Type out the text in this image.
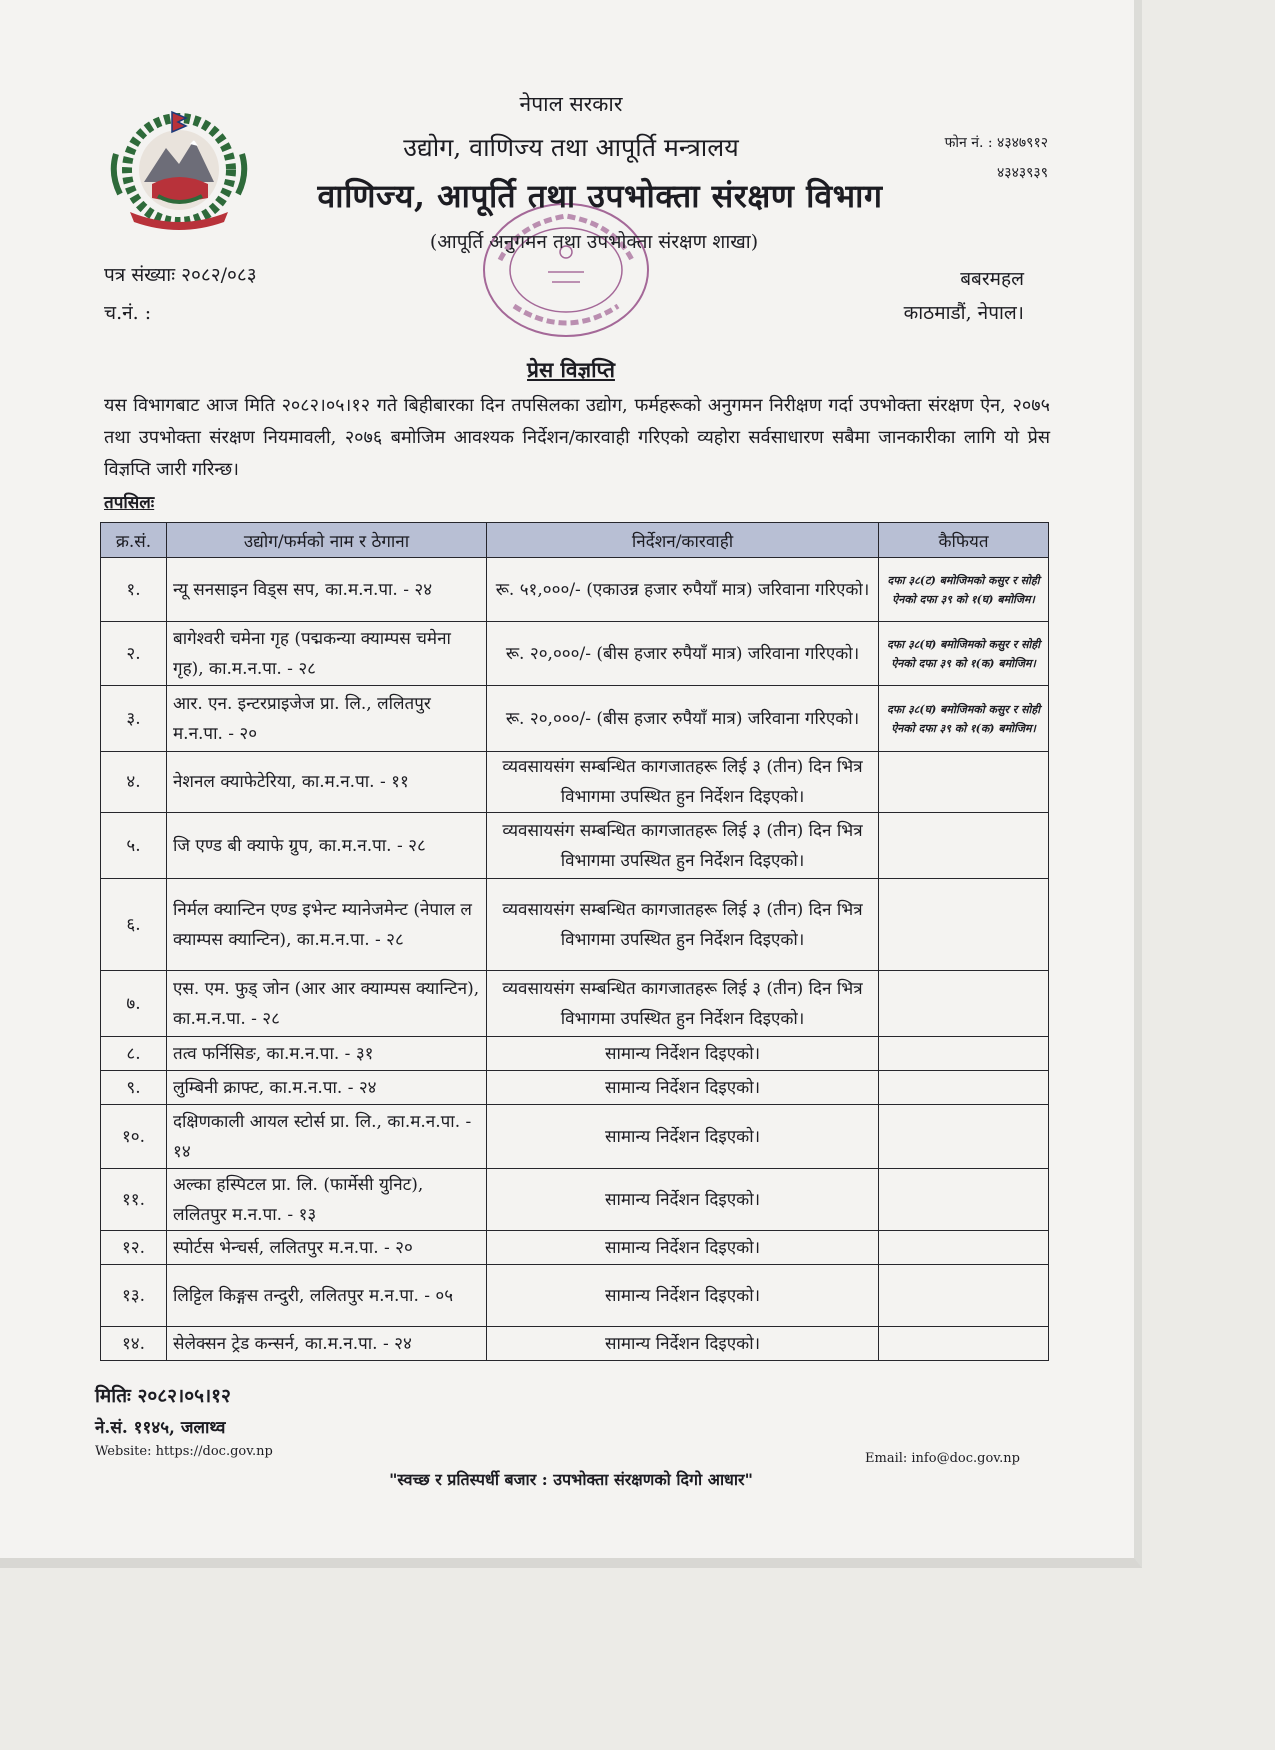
नेपाल सरकार
उद्योग, वाणिज्य तथा आपूर्ति मन्त्रालय
वाणिज्य, आपूर्ति तथा उपभोक्ता संरक्षण विभाग
(आपूर्ति अनुगमन तथा उपभोक्ता संरक्षण शाखा)
फोन नं. : ४३४७९१२
४३४३९३९
पत्र संख्याः २०८२/०८३
च.नं. :
बबरमहल
काठमाडौं, नेपाल।
प्रेस विज्ञप्ति
यस विभागबाट आज मिति २०८२।०५।१२ गते बिहीबारका दिन तपसिलका उद्योग, फर्महरूको अनुगमन निरीक्षण गर्दा उपभोक्ता संरक्षण ऐन, २०७५ तथा उपभोक्ता संरक्षण नियमावली, २०७६ बमोजिम आवश्यक निर्देशन/कारवाही गरिएको व्यहोरा सर्वसाधारण सबैमा जानकारीका लागि यो प्रेस विज्ञप्ति जारी गरिन्छ।
तपसिलः
क्र.सं.	उद्योग/फर्मको नाम र ठेगाना	निर्देशन/कारवाही	कैफियत
१.	न्यू सनसाइन विड्स सप, का.म.न.पा. - २४	रू. ५१,०००/- (एकाउन्न हजार रुपैयाँ मात्र) जरिवाना गरिएको।	दफा ३८(ट) बमोजिमको कसुर र सोही ऐनको दफा ३९ को १(घ) बमोजिम।
२.	बागेश्वरी चमेना गृह (पद्मकन्या क्याम्पस चमेना गृह), का.म.न.पा. - २८	रू. २०,०००/- (बीस हजार रुपैयाँ मात्र) जरिवाना गरिएको।	दफा ३८(घ) बमोजिमको कसुर र सोही ऐनको दफा ३९ को १(क) बमोजिम।
३.	आर. एन. इन्टरप्राइजेज प्रा. लि., ललितपुर म.न.पा. - २०	रू. २०,०००/- (बीस हजार रुपैयाँ मात्र) जरिवाना गरिएको।	दफा ३८(घ) बमोजिमको कसुर र सोही ऐनको दफा ३९ को १(क) बमोजिम।
४.	नेशनल क्याफेटेरिया, का.म.न.पा. - ११	व्यवसायसंग सम्बन्धित कागजातहरू लिई ३ (तीन) दिन भित्र विभागमा उपस्थित हुन निर्देशन दिइएको।	
५.	जि एण्ड बी क्याफे ग्रुप, का.म.न.पा. - २८	व्यवसायसंग सम्बन्धित कागजातहरू लिई ३ (तीन) दिन भित्र विभागमा उपस्थित हुन निर्देशन दिइएको।	
६.	निर्मल क्यान्टिन एण्ड इभेन्ट म्यानेजमेन्ट (नेपाल ल क्याम्पस क्यान्टिन), का.म.न.पा. - २८	व्यवसायसंग सम्बन्धित कागजातहरू लिई ३ (तीन) दिन भित्र विभागमा उपस्थित हुन निर्देशन दिइएको।	
७.	एस. एम. फुड् जोन (आर आर क्याम्पस क्यान्टिन), का.म.न.पा. - २८	व्यवसायसंग सम्बन्धित कागजातहरू लिई ३ (तीन) दिन भित्र विभागमा उपस्थित हुन निर्देशन दिइएको।	
८.	तत्व फर्निसिङ, का.म.न.पा. - ३१	सामान्य निर्देशन दिइएको।	
९.	लुम्बिनी क्राफ्ट, का.म.न.पा. - २४	सामान्य निर्देशन दिइएको।	
१०.	दक्षिणकाली आयल स्टोर्स प्रा. लि., का.म.न.पा. - १४	सामान्य निर्देशन दिइएको।	
११.	अल्का हस्पिटल प्रा. लि. (फार्मेसी युनिट), ललितपुर म.न.पा. - १३	सामान्य निर्देशन दिइएको।	
१२.	स्पोर्टस भेन्चर्स, ललितपुर म.न.पा. - २०	सामान्य निर्देशन दिइएको।	
१३.	लिट्टिल किङ्गस तन्दुरी, ललितपुर म.न.पा. - ०५	सामान्य निर्देशन दिइएको।	
१४.	सेलेक्सन ट्रेड कन्सर्न, का.म.न.पा. - २४	सामान्य निर्देशन दिइएको।	
मितिः २०८२।०५।१२
ने.सं. ११४५, जलाथ्व
Website: https://doc.gov.np	Email: info@doc.gov.np
"स्वच्छ र प्रतिस्पर्धी बजार : उपभोक्ता संरक्षणको दिगो आधार"
